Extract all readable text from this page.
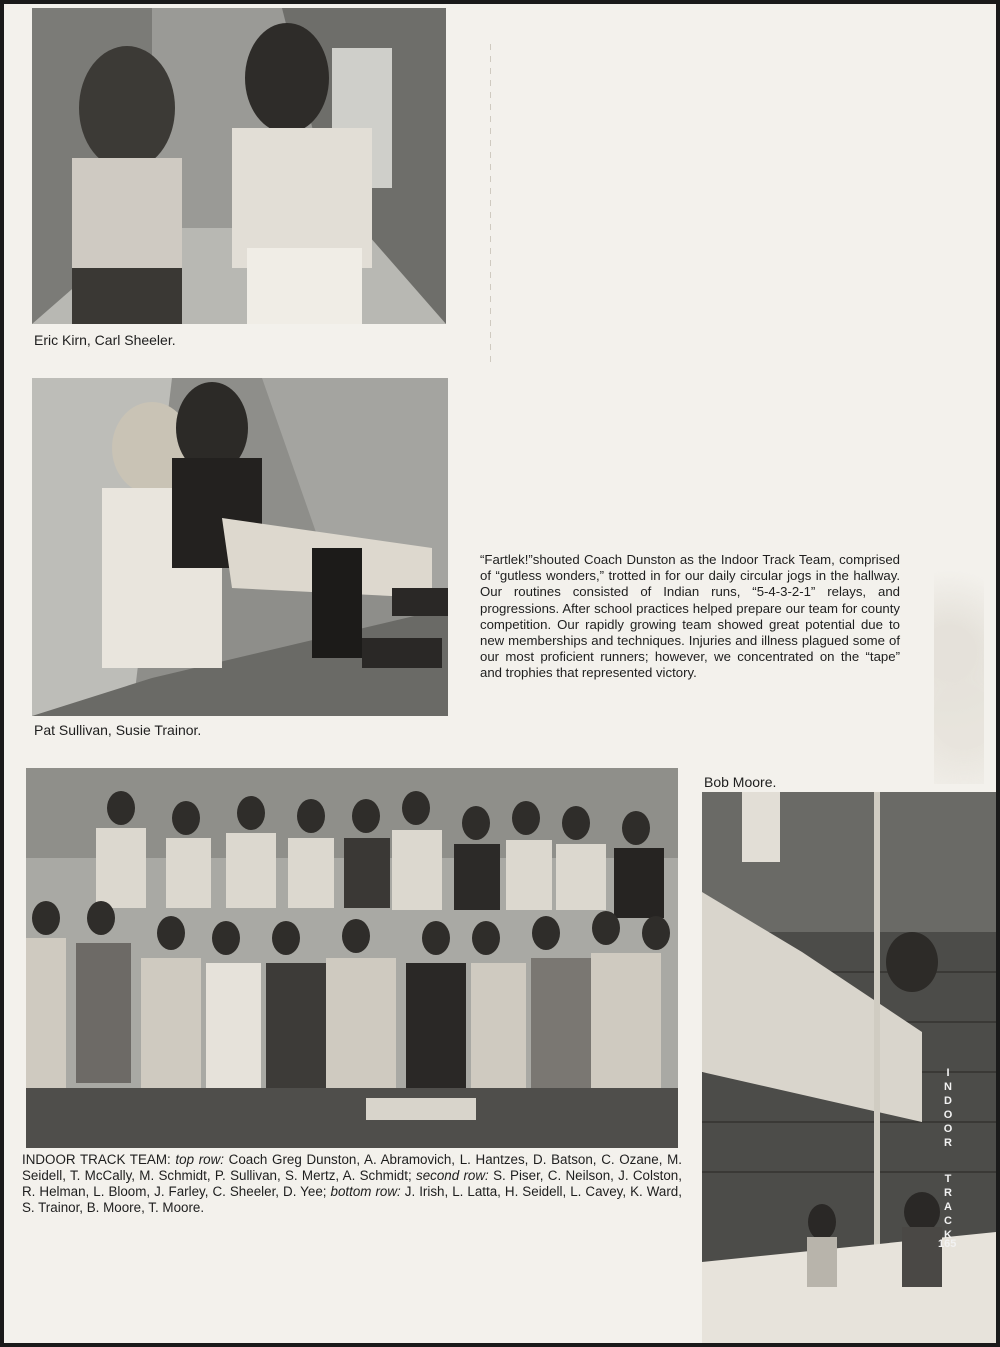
Eric Kirn, Carl Sheeler.
Pat Sullivan, Susie Trainor.
“Fartlek!”shouted Coach Dunston as the Indoor Track Team, comprised of “gutless wonders,” trotted in for our daily circular jogs in the hallway. Our routines consisted of Indian runs, “5-4-3-2-1” relays, and progressions. After school practices helped prepare our team for county competition. Our rapidly growing team showed great potential due to new memberships and techniques. Injuries and illness plagued some of our most proficient runners; however, we concentrated on the “tape” and trophies that represented victory.
INDOOR TRACK TEAM: top row: Coach Greg Dunston, A. Abramovich, L. Hantzes, D. Batson, C. Ozane, M. Seidell, T. McCally, M. Schmidt, P. Sullivan, S. Mertz, A. Schmidt; second row: S. Piser, C. Neilson, J. Colston, R. Helman, L. Bloom, J. Farley, C. Sheeler, D. Yee; bottom row: J. Irish, L. Latta, H. Seidell, L. Cavey, K. Ward, S. Trainor, B. Moore, T. Moore.
Bob Moore.
I
N
D
O
O
R
T
R
A
C
K
165
